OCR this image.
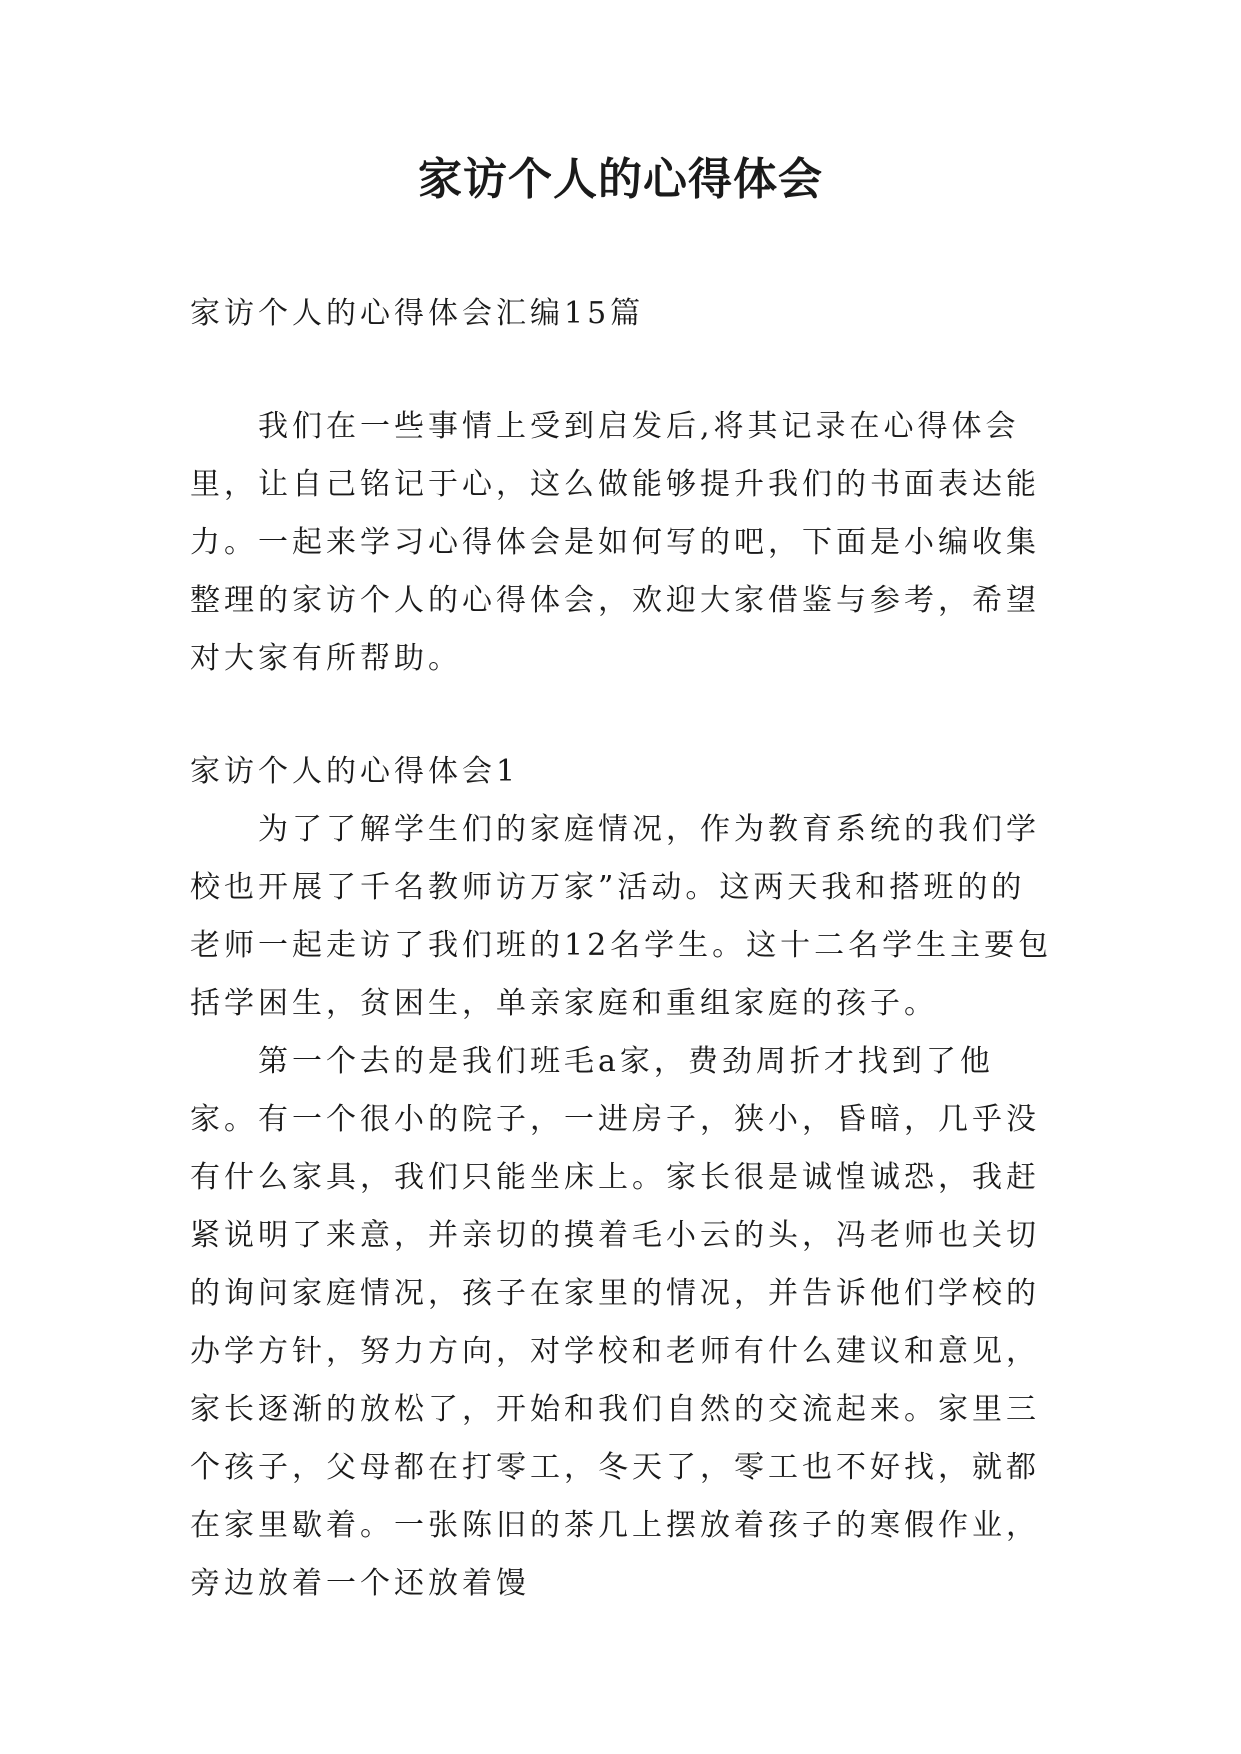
家访个人的心得体会

家访个人的心得体会汇编15篇

我们在一些事情上受到启发后,将其记录在心得体会里，让自己铭记于心，这么做能够提升我们的书面表达能力。一起来学习心得体会是如何写的吧，下面是小编收集整理的家访个人的心得体会，欢迎大家借鉴与参考，希望对大家有所帮助。

家访个人的心得体会1

为了了解学生们的家庭情况，作为教育系统的我们学校也开展了千名教师访万家”活动。这两天我和搭班的的老师一起走访了我们班的12名学生。这十二名学生主要包括学困生，贫困生，单亲家庭和重组家庭的孩子。

第一个去的是我们班毛a家，费劲周折才找到了他家。有一个很小的院子，一进房子，狭小，昏暗，几乎没有什么家具，我们只能坐床上。家长很是诚惶诚恐，我赶紧说明了来意，并亲切的摸着毛小云的头，冯老师也关切的询问家庭情况，孩子在家里的情况，并告诉他们学校的办学方针，努力方向，对学校和老师有什么建议和意见，家长逐渐的放松了，开始和我们自然的交流起来。家里三个孩子，父母都在打零工，冬天了，零工也不好找，就都在家里歇着。一张陈旧的茶几上摆放着孩子的寒假作业，旁边放着一个还放着馒
